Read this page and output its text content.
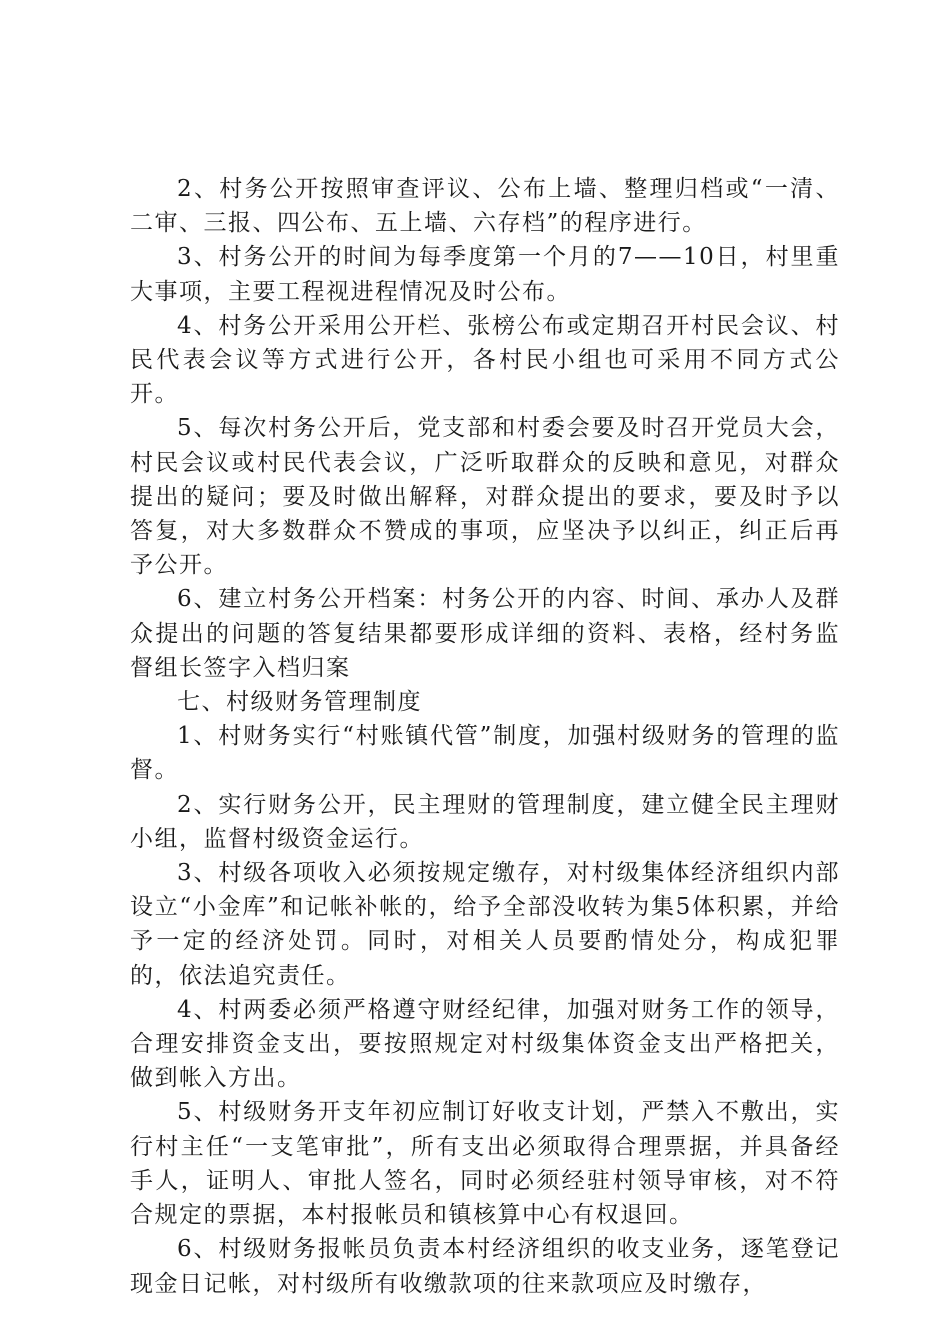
2、村务公开按照审查评议、公布上墙、整理归档或“一清、二审、三报、四公布、五上墙、六存档”的程序进行。

3、村务公开的时间为每季度第一个月的7——10日，村里重大事项，主要工程视进程情况及时公布。

4、村务公开采用公开栏、张榜公布或定期召开村民会议、村民代表会议等方式进行公开，各村民小组也可采用不同方式公开。

5、每次村务公开后，党支部和村委会要及时召开党员大会，村民会议或村民代表会议，广泛听取群众的反映和意见，对群众提出的疑问；要及时做出解释，对群众提出的要求，要及时予以答复，对大多数群众不赞成的事项，应坚决予以纠正，纠正后再予公开。

6、建立村务公开档案：村务公开的内容、时间、承办人及群众提出的问题的答复结果都要形成详细的资料、表格，经村务监督组长签字入档归案

七、村级财务管理制度

1、村财务实行“村账镇代管”制度，加强村级财务的管理的监督。

2、实行财务公开，民主理财的管理制度，建立健全民主理财小组，监督村级资金运行。

3、村级各项收入必须按规定缴存，对村级集体经济组织内部设立“小金库”和记帐补帐的，给予全部没收转为集5体积累，并给予一定的经济处罚。同时，对相关人员要酌情处分，构成犯罪的，依法追究责任。

4、村两委必须严格遵守财经纪律，加强对财务工作的领导，合理安排资金支出，要按照规定对村级集体资金支出严格把关，做到帐入方出。

5、村级财务开支年初应制订好收支计划，严禁入不敷出，实行村主任“一支笔审批”，所有支出必须取得合理票据，并具备经手人，证明人、审批人签名，同时必须经驻村领导审核，对不符合规定的票据，本村报帐员和镇核算中心有权退回。

6、村级财务报帐员负责本村经济组织的收支业务，逐笔登记现金日记帐，对村级所有收缴款项的往来款项应及时缴存，
